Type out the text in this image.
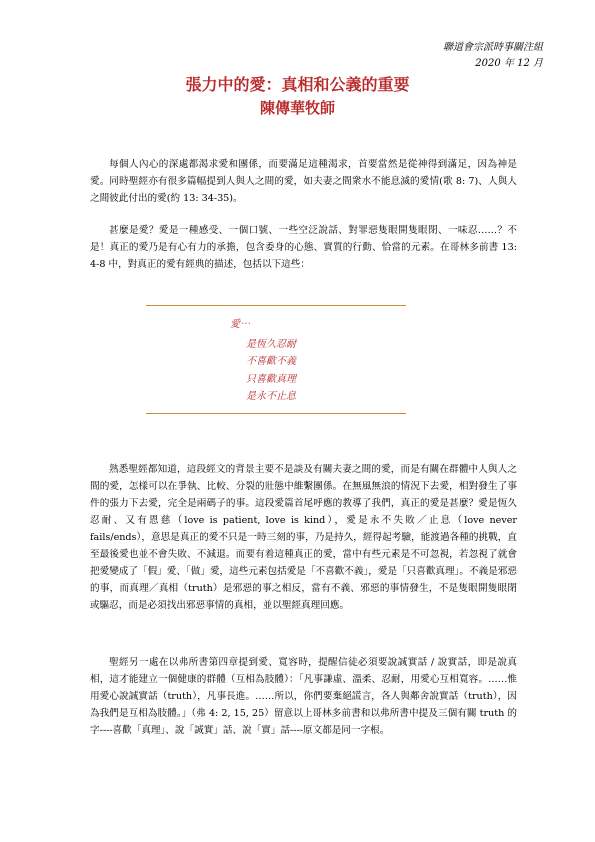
聯道會宗派時事關注組
2020 年 12 月
張力中的愛：真相和公義的重要
陳傳華牧師

每個人內心的深處都渴求愛和團係，而要滿足這種渴求，首要當然是從神得到滿足，因為神是愛。同時聖經亦有很多篇幅提到人與人之間的愛，如夫妻之間衆水不能息滅的愛情(歌 8: 7)、人與人之間彼此付出的愛(約 13: 34-35)。

甚麼是愛？愛是一種感受、一個口號、一些空泛說話、對罪惡隻眼開隻眼閉、一味忍……？不是！真正的愛乃是有心有力的承擔，包含委身的心態、實質的行動、恰當的元素。在哥林多前書 13: 4-8 中，對真正的愛有經典的描述，包括以下這些：

愛⋯
是恆久忍耐
不喜歡不義
只喜歡真理
是永不止息

熟悉聖經都知道，這段經文的背景主要不是談及有關夫妻之間的愛，而是有關在群體中人與人之間的愛，怎樣可以在爭執、比較、分裂的壯態中維繫團係。在無風無浪的情況下去愛，相對發生了事件的張力下去愛，完全是兩碼子的事。這段愛篇首尾呼應的教導了我們，真正的愛是甚麼？愛是恆久忍耐、又有恩慈（love is patient, love is kind），愛是永不失敗／止息（love never fails/ends），意思是真正的愛不只是一時三刻的事，乃是持久，經得起考驗，能渡過各種的挑戰，直至最後愛也並不會失敗、不減退。而要有着這種真正的愛，當中有些元素是不可忽視，若忽視了就會把愛變成了「假」愛、「做」愛，這些元素包括愛是「不喜歡不義」，愛是「只喜歡真理」。不義是邪惡的事，而真理／真相（truth）是邪惡的事之相反，當有不義、邪惡的事情發生，不是隻眼開隻眼閉或驅忍，而是必須找出邪惡事情的真相，並以聖經真理回應。

聖經另一處在以弗所書第四章提到愛、寬容時，提醒信徒必須要說誠實話 / 說實話，即是說真相，這才能建立一個健康的群體（互相為肢體）：「凡事謙虛、溫柔、忍耐，用愛心互相寬容。……惟用愛心說誠實話（truth），凡事長進。……所以，你們要棄絕謊言，各人與鄰舍說實話（truth），因為我們是互相為肢體。」（弗 4: 2, 15, 25）留意以上哥林多前書和以弗所書中提及三個有關 truth 的字----喜歡「真理」、說「誠實」話、說「實」話----原文都是同一字根。
